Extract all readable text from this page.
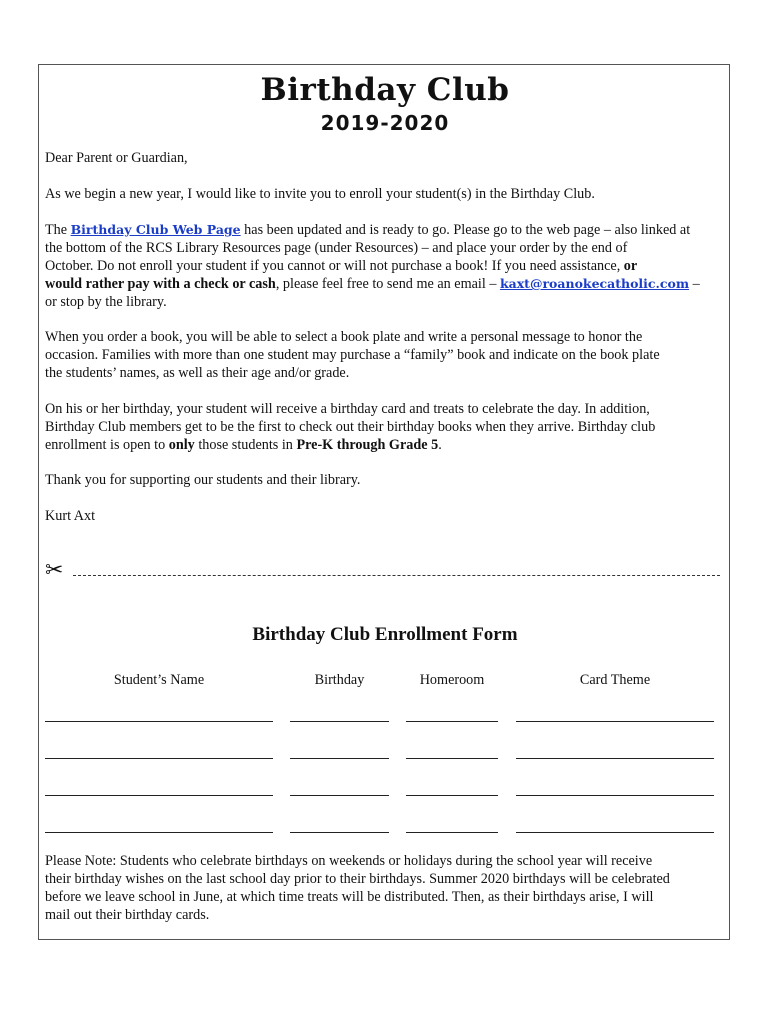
Birthday Club
2019-2020
Dear Parent or Guardian,
As we begin a new year, I would like to invite you to enroll your student(s) in the Birthday Club.
The Birthday Club Web Page has been updated and is ready to go. Please go to the web page – also linked at
the bottom of the RCS Library Resources page (under Resources) – and place your order by the end of
October. Do not enroll your student if you cannot or will not purchase a book! If you need assistance, or
would rather pay with a check or cash, please feel free to send me an email – kaxt@roanokecatholic.com –
or stop by the library.
When you order a book, you will be able to select a book plate and write a personal message to honor the
occasion. Families with more than one student may purchase a “family” book and indicate on the book plate
the students’ names, as well as their age and/or grade.
On his or her birthday, your student will receive a birthday card and treats to celebrate the day. In addition,
Birthday Club members get to be the first to check out their birthday books when they arrive. Birthday club
enrollment is open to only those students in Pre-K through Grade 5.
Thank you for supporting our students and their library.
Kurt Axt
✂
Birthday Club Enrollment Form
Student’s Name	Birthday	Homeroom	Card Theme
Please Note: Students who celebrate birthdays on weekends or holidays during the school year will receive
their birthday wishes on the last school day prior to their birthdays. Summer 2020 birthdays will be celebrated
before we leave school in June, at which time treats will be distributed. Then, as their birthdays arise, I will
mail out their birthday cards.
